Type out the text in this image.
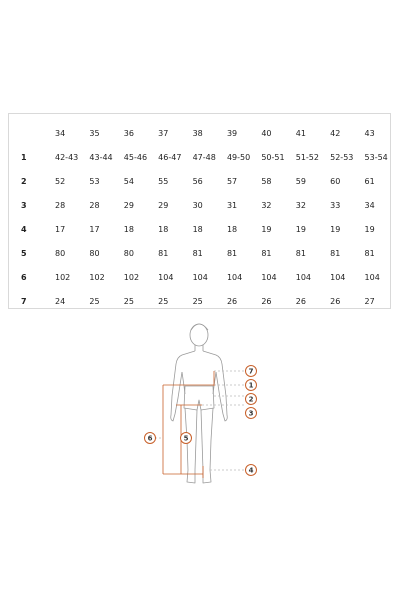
	34	35	36	37	38	39	40	41	42	43
1	42-43	43-44	45-46	46-47	47-48	49-50	50-51	51-52	52-53	53-54
2	52	53	54	55	56	57	58	59	60	61
3	28	28	29	29	30	31	32	32	33	34
4	17	17	18	18	18	18	19	19	19	19
5	80	80	80	81	81	81	81	81	81	81
6	102	102	102	104	104	104	104	104	104	104
7	24	25	25	25	25	26	26	26	26	27
7
1
2
3
4
6	5
